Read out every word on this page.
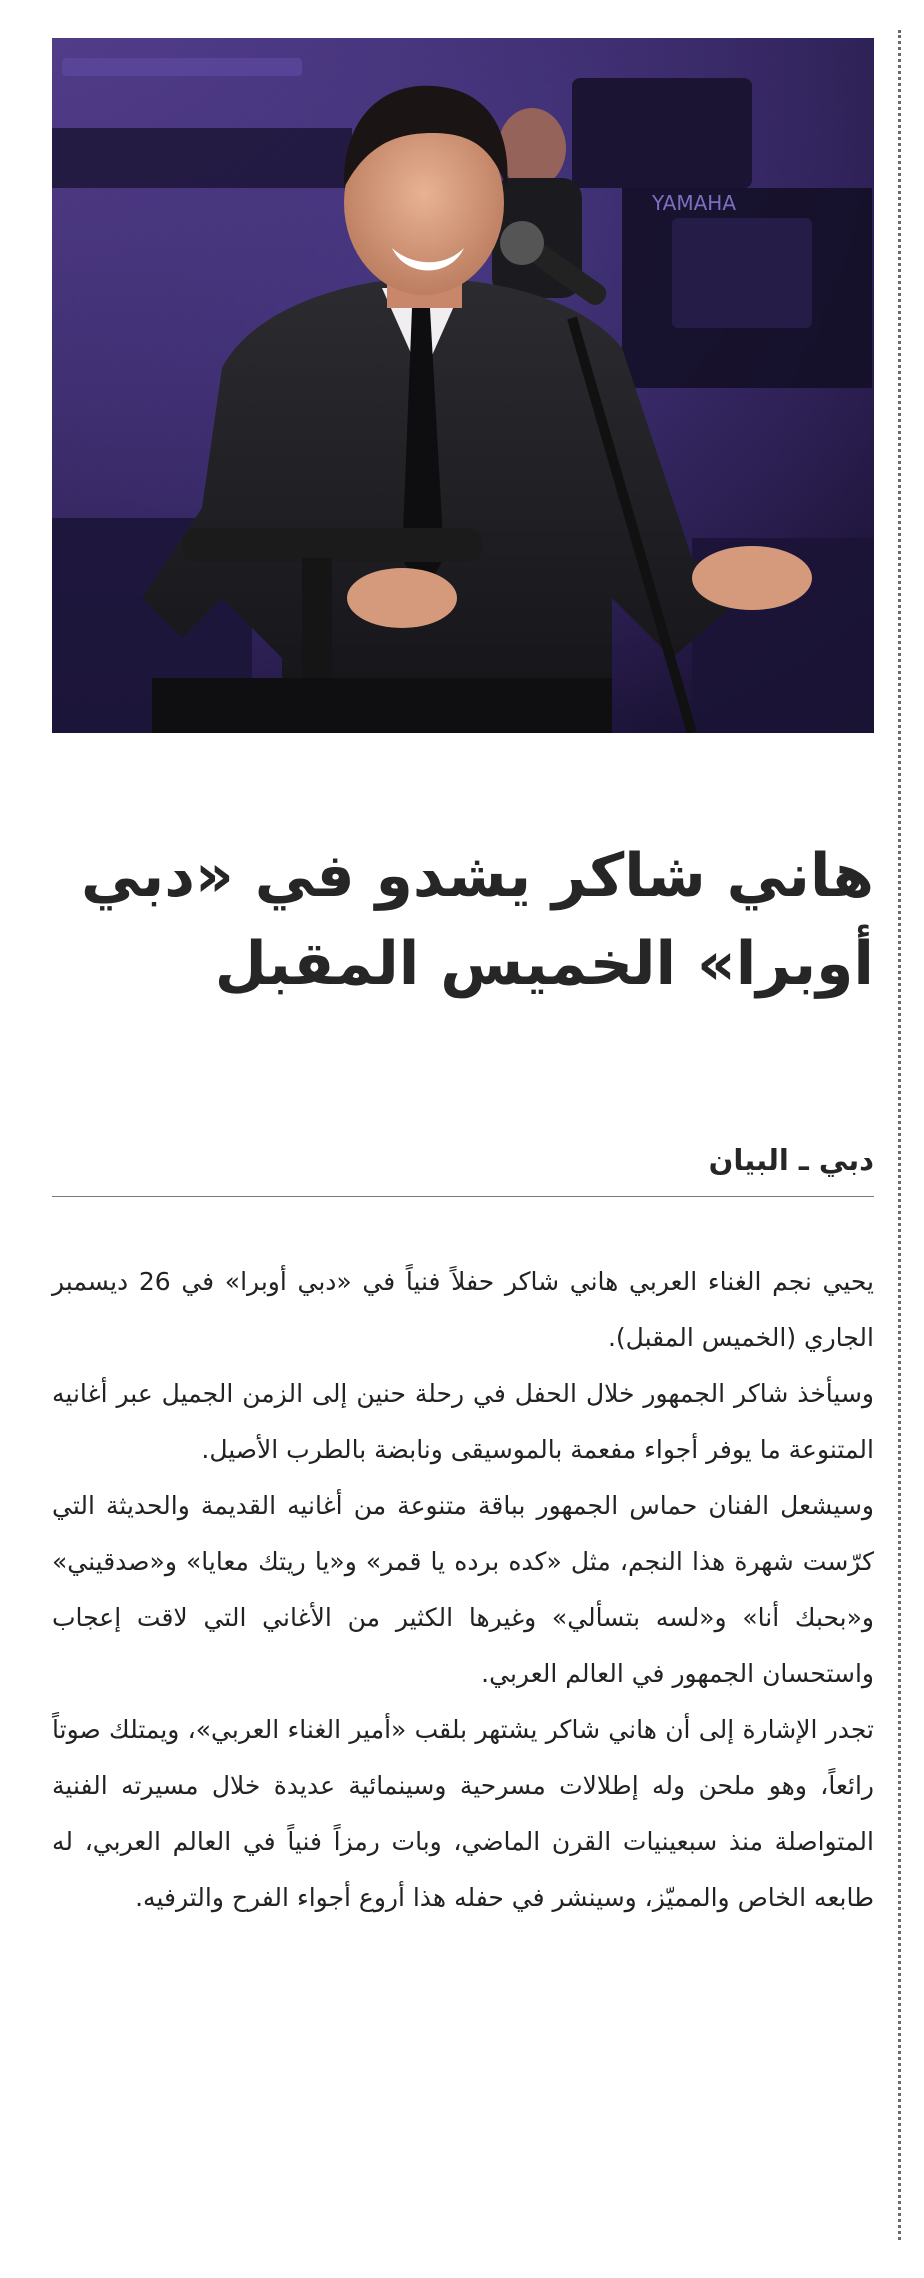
YAMAHA
هاني شاكر يشدو في «دبي أوبرا» الخميس المقبل
دبي ـ البيان

يحيي نجم الغناء العربي هاني شاكر حفلاً فنياً في «دبي أوبرا» في 26 ديسمبر الجاري (الخميس المقبل).

وسيأخذ شاكر الجمهور خلال الحفل في رحلة حنين إلى الزمن الجميل عبر أغانيه المتنوعة ما يوفر أجواء مفعمة بالموسيقى ونابضة بالطرب الأصيل.

وسيشعل الفنان حماس الجمهور بباقة متنوعة من أغانيه القديمة والحديثة التي كرّست شهرة هذا النجم، مثل «كده برده يا قمر» و«يا ريتك معايا» و«صدقيني» و«بحبك أنا» و«لسه بتسألي» وغيرها الكثير من الأغاني التي لاقت إعجاب واستحسان الجمهور في العالم العربي.

تجدر الإشارة إلى أن هاني شاكر يشتهر بلقب «أمير الغناء العربي»، ويمتلك صوتاً رائعاً، وهو ملحن وله إطلالات مسرحية وسينمائية عديدة خلال مسيرته الفنية المتواصلة منذ سبعينيات القرن الماضي، وبات رمزاً فنياً في العالم العربي، له طابعه الخاص والمميّز، وسينشر في حفله هذا أروع أجواء الفرح والترفيه.
